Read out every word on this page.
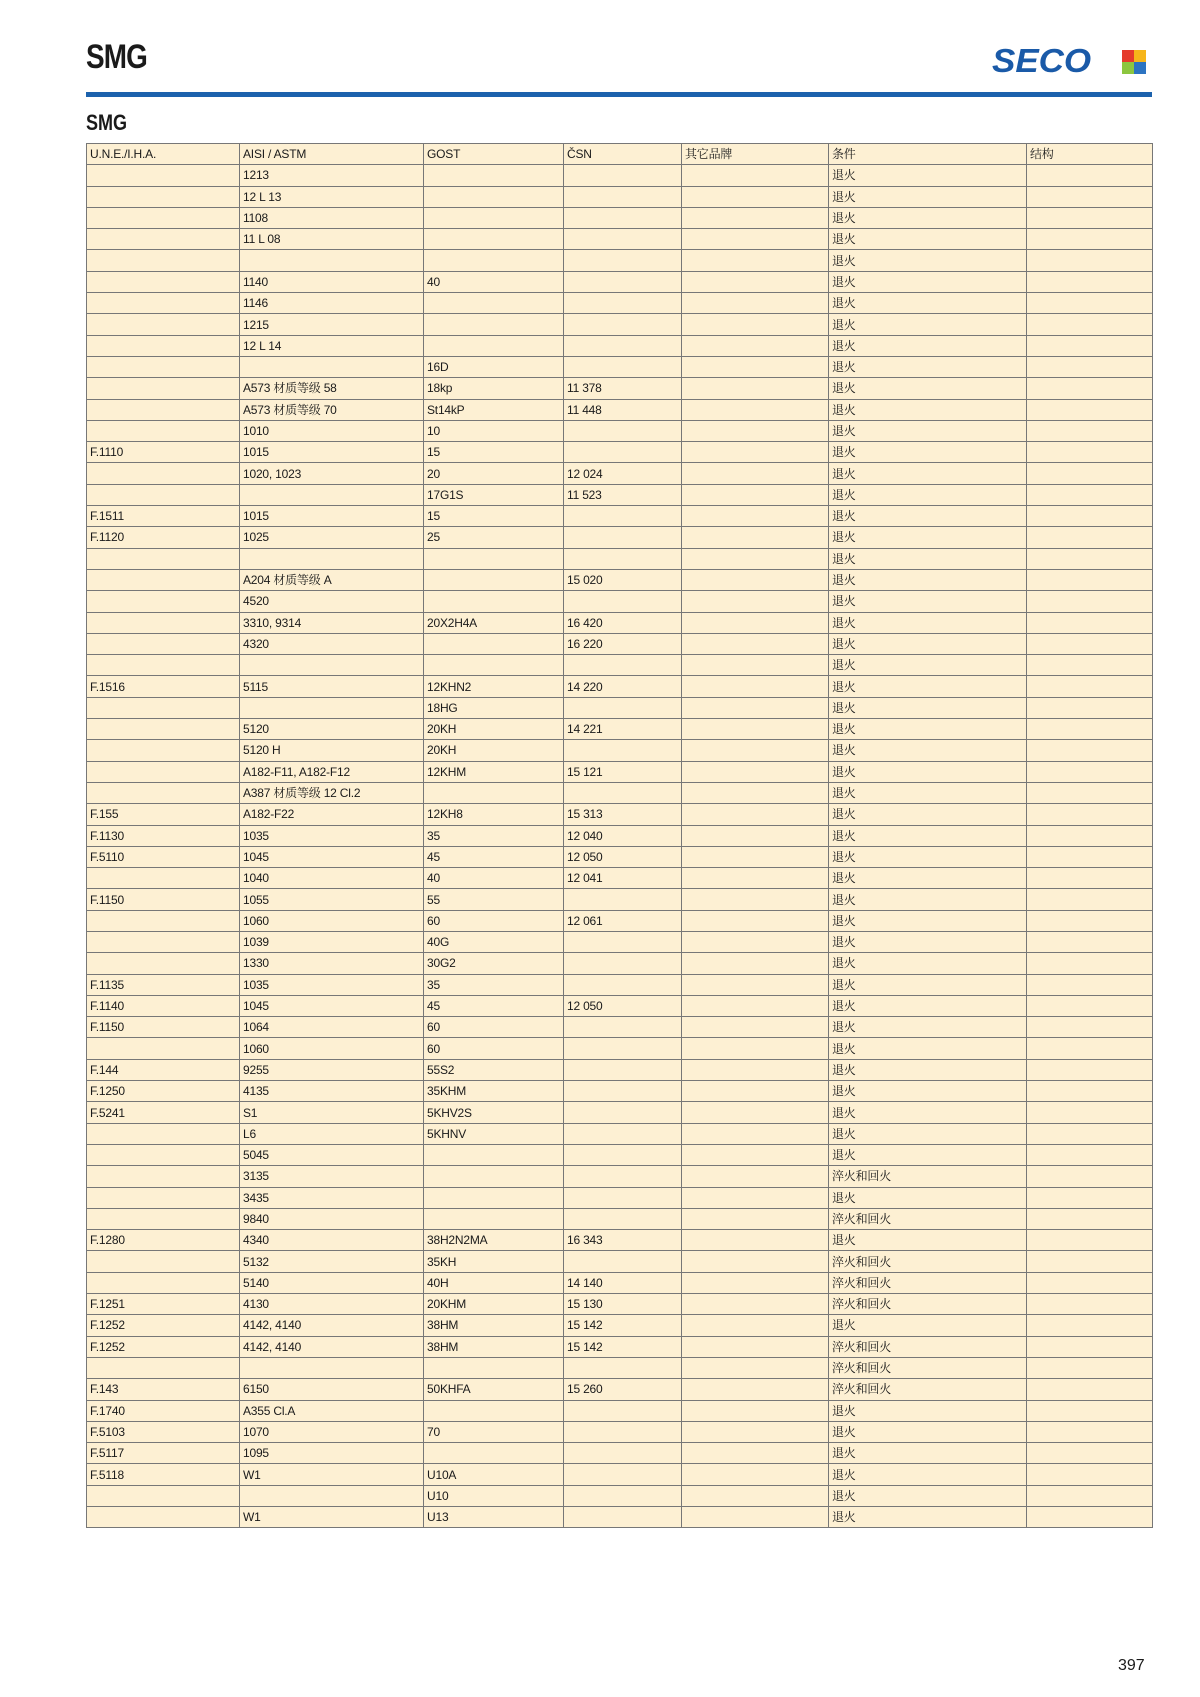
SMG	SECO
SMG
U.N.E./I.H.A.	AISI / ASTM	GOST	ČSN	其它品牌	条件	结构
	1213				退火	
	12 L 13				退火	
	1108				退火	
	11 L 08				退火	
					退火	
	1140	40			退火	
	1146				退火	
	1215				退火	
	12 L 14				退火	
		16D			退火	
	A573 材质等级 58	18kp	11 378		退火	
	A573 材质等级 70	St14kP	11 448		退火	
	1010	10			退火	
F.1110	1015	15			退火	
	1020, 1023	20	12 024		退火	
		17G1S	11 523		退火	
F.1511	1015	15			退火	
F.1120	1025	25			退火	
					退火	
	A204 材质等级 A		15 020		退火	
	4520				退火	
	3310, 9314	20X2H4A	16 420		退火	
	4320		16 220		退火	
					退火	
F.1516	5115	12KHN2	14 220		退火	
		18HG			退火	
	5120	20KH	14 221		退火	
	5120 H	20KH			退火	
	A182-F11, A182-F12	12KHM	15 121		退火	
	A387 材质等级 12 Cl.2				退火	
F.155	A182-F22	12KH8	15 313		退火	
F.1130	1035	35	12 040		退火	
F.5110	1045	45	12 050		退火	
	1040	40	12 041		退火	
F.1150	1055	55			退火	
	1060	60	12 061		退火	
	1039	40G			退火	
	1330	30G2			退火	
F.1135	1035	35			退火	
F.1140	1045	45	12 050		退火	
F.1150	1064	60			退火	
	1060	60			退火	
F.144	9255	55S2			退火	
F.1250	4135	35KHM			退火	
F.5241	S1	5KHV2S			退火	
	L6	5KHNV			退火	
	5045				退火	
	3135				淬火和回火	
	3435				退火	
	9840				淬火和回火	
F.1280	4340	38H2N2MA	16 343		退火	
	5132	35KH			淬火和回火	
	5140	40H	14 140		淬火和回火	
F.1251	4130	20KHM	15 130		淬火和回火	
F.1252	4142, 4140	38HM	15 142		退火	
F.1252	4142, 4140	38HM	15 142		淬火和回火	
					淬火和回火	
F.143	6150	50KHFA	15 260		淬火和回火	
F.1740	A355 Cl.A				退火	
F.5103	1070	70			退火	
F.5117	1095				退火	
F.5118	W1	U10A			退火	
		U10			退火	
	W1	U13			退火	
397
